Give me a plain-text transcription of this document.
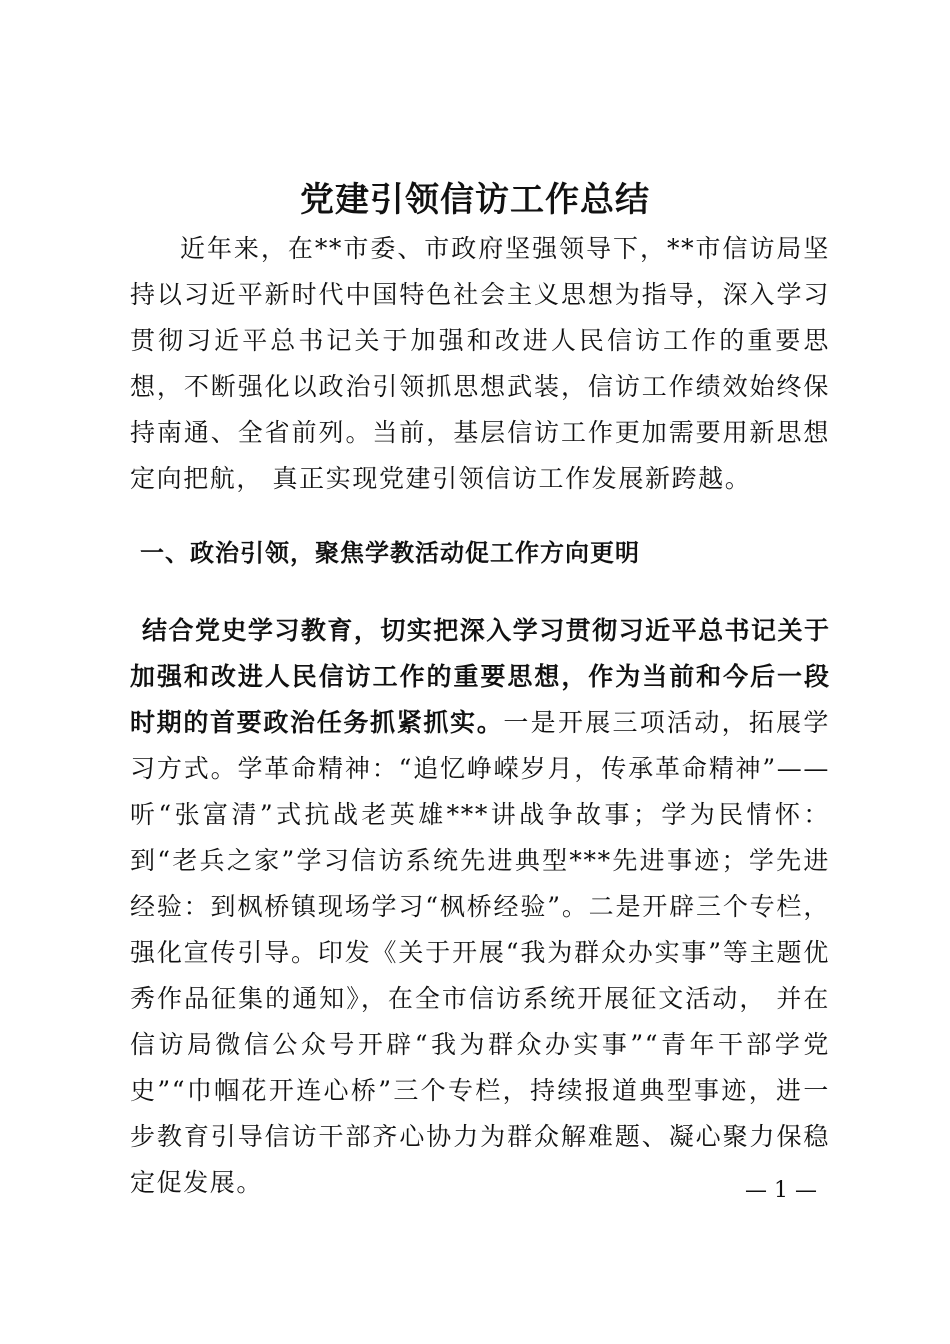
党建引领信访工作总结

近年来，在**市委、市政府坚强领导下，**市信访局坚持以习近平新时代中国特色社会主义思想为指导，深入学习贯彻习近平总书记关于加强和改进人民信访工作的重要思想，不断强化以政治引领抓思想武装，信访工作绩效始终保持南通、全省前列。当前，基层信访工作更加需要用新思想定向把航， 真正实现党建引领信访工作发展新跨越。

一、政治引领，聚焦学教活动促工作方向更明

结合党史学习教育，切实把深入学习贯彻习近平总书记关于加强和改进人民信访工作的重要思想，作为当前和今后一段时期的首要政治任务抓紧抓实。一是开展三项活动，拓展学习方式。学革命精神：“追忆峥嵘岁月，传承革命精神”——听“张富清”式抗战老英雄***讲战争故事；学为民情怀：到“老兵之家”学习信访系统先进典型***先进事迹；学先进经验：到枫桥镇现场学习“枫桥经验”。二是开辟三个专栏，强化宣传引导。印发《关于开展“我为群众办实事”等主题优秀作品征集的通知》，在全市信访系统开展征文活动， 并在信访局微信公众号开辟“我为群众办实事”“青年干部学党史”“巾帼花开连心桥”三个专栏，持续报道典型事迹，进一步教育引导信访干部齐心协力为群众解难题、凝心聚力保稳定促发展。	— 1 —
